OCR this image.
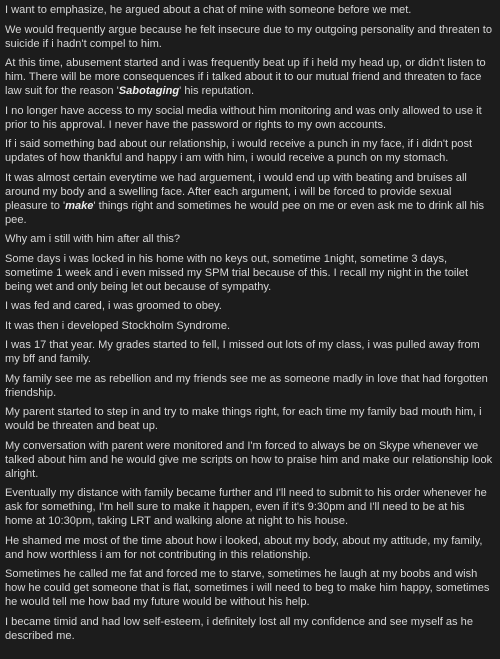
I want to emphasize, he argued about a chat of mine with someone before we met.

We would frequently argue because he felt insecure due to my outgoing personality and threaten to suicide if i hadn't compel to him.

At this time, abusement started and i was frequently beat up if i held my head up, or didn't listen to him. There will be more consequences if i talked about it to our mutual friend and threaten to face law suit for the reason 'Sabotaging' his reputation.

I no longer have access to my social media without him monitoring and was only allowed to use it prior to his approval. I never have the password or rights to my own accounts.

If i said something bad about our relationship, i would receive a punch in my face, if i didn't post updates of how thankful and happy i am with him, i would receive a punch on my stomach.

It was almost certain everytime we had arguement, i would end up with beating and bruises all around my body and a swelling face. After each argument, i will be forced to provide sexual pleasure to 'make' things right and sometimes he would pee on me or even ask me to drink all his pee.

Why am i still with him after all this?

Some days i was locked in his home with no keys out, sometime 1night, sometime 3 days, sometime 1 week and i even missed my SPM trial because of this. I recall my night in the toilet being wet and only being let out because of sympathy.

I was fed and cared, i was groomed to obey.

It was then i developed Stockholm Syndrome.

I was 17 that year. My grades started to fell, I missed out lots of my class, i was pulled away from my bff and family.

My family see me as rebellion and my friends see me as someone madly in love that had forgotten friendship.

My parent started to step in and try to make things right, for each time my family bad mouth him, i would be threaten and beat up.

My conversation with parent were monitored and I'm forced to always be on Skype whenever we talked about him and he would give me scripts on how to praise him and make our relationship look alright.

Eventually my distance with family became further and I'll need to submit to his order whenever he ask for something, I'm hell sure to make it happen, even if it's 9:30pm and I'll need to be at his home at 10:30pm, taking LRT and walking alone at night to his house.

He shamed me most of the time about how i looked, about my body, about my attitude, my family, and how worthless i am for not contributing in this relationship.

Sometimes he called me fat and forced me to starve, sometimes he laugh at my boobs and wish how he could get someone that is flat, sometimes i will need to beg to make him happy, sometimes he would tell me how bad my future would be without his help.

I became timid and had low self-esteem, i definitely lost all my confidence and see myself as he described me.
